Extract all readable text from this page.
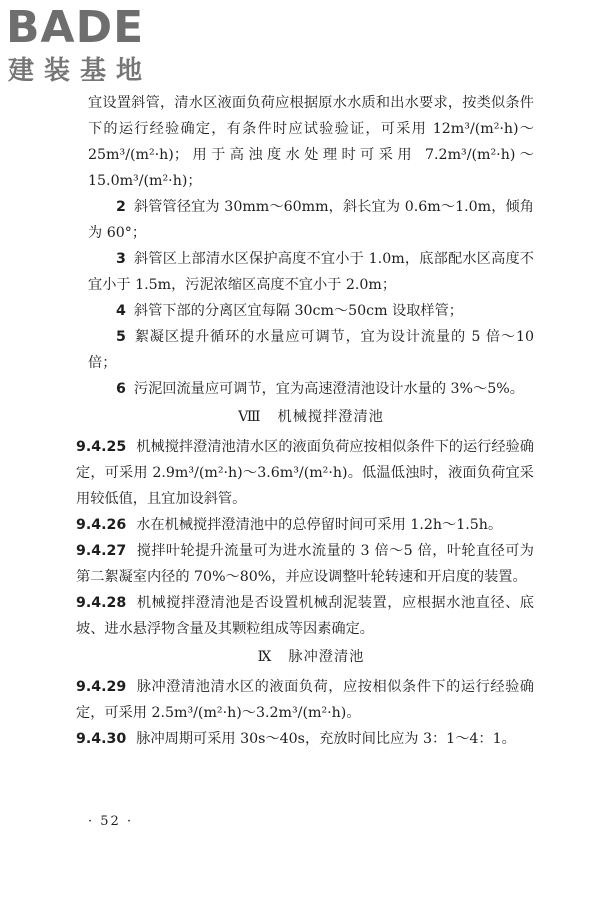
BADE
建装基地

宜设置斜管，清水区液面负荷应根据原水水质和出水要求，按类似条件下的运行经验确定，有条件时应试验验证，可采用 12m³/(m²·h)～25m³/(m²·h)；用于高浊度水处理时可采用 7.2m³/(m²·h)～15.0m³/(m²·h)；

2 斜管管径宜为 30mm～60mm，斜长宜为 0.6m～1.0m，倾角为 60°；

3 斜管区上部清水区保护高度不宜小于 1.0m，底部配水区高度不宜小于 1.5m，污泥浓缩区高度不宜小于 2.0m；

4 斜管下部的分离区宜每隔 30cm～50cm 设取样管；

5 絮凝区提升循环的水量应可调节，宜为设计流量的 5 倍～10 倍；

6 污泥回流量应可调节，宜为高速澄清池设计水量的 3%～5%。

Ⅷ 机械搅拌澄清池

9.4.25 机械搅拌澄清池清水区的液面负荷应按相似条件下的运行经验确定，可采用 2.9m³/(m²·h)～3.6m³/(m²·h)。低温低浊时，液面负荷宜采用较低值，且宜加设斜管。

9.4.26 水在机械搅拌澄清池中的总停留时间可采用 1.2h～1.5h。

9.4.27 搅拌叶轮提升流量可为进水流量的 3 倍～5 倍，叶轮直径可为第二絮凝室内径的 70%～80%，并应设调整叶轮转速和开启度的装置。

9.4.28 机械搅拌澄清池是否设置机械刮泥装置，应根据水池直径、底坡、进水悬浮物含量及其颗粒组成等因素确定。

Ⅸ 脉冲澄清池

9.4.29 脉冲澄清池清水区的液面负荷，应按相似条件下的运行经验确定，可采用 2.5m³/(m²·h)～3.2m³/(m²·h)。

9.4.30 脉冲周期可采用 30s～40s，充放时间比应为 3：1～4：1。

· 52 ·
